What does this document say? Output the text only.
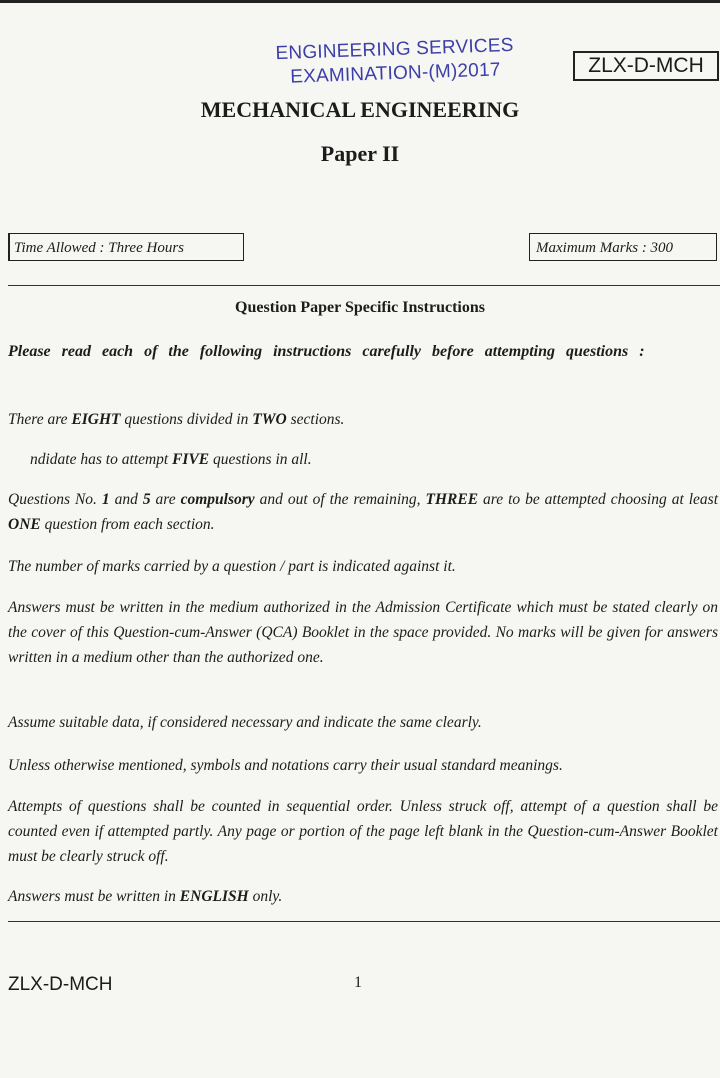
ENGINEERING SERVICES
EXAMINATION-(M)2017	ZLX-D-MCH
MECHANICAL ENGINEERING
Paper II
Time Allowed : Three Hours	Maximum Marks : 300
Question Paper Specific Instructions
Please read each of the following instructions carefully before attempting questions :
There are EIGHT questions divided in TWO sections.
ndidate has to attempt FIVE questions in all.
Questions No. 1 and 5 are compulsory and out of the remaining, THREE are to be attempted choosing at least ONE question from each section.
The number of marks carried by a question / part is indicated against it.
Answers must be written in the medium authorized in the Admission Certificate which must be stated clearly on the cover of this Question-cum-Answer (QCA) Booklet in the space provided. No marks will be given for answers written in a medium other than the authorized one.
Assume suitable data, if considered necessary and indicate the same clearly.
Unless otherwise mentioned, symbols and notations carry their usual standard meanings.
Attempts of questions shall be counted in sequential order. Unless struck off, attempt of a question shall be counted even if attempted partly. Any page or portion of the page left blank in the Question-cum-Answer Booklet must be clearly struck off.
Answers must be written in ENGLISH only.
ZLX-D-MCH	1
